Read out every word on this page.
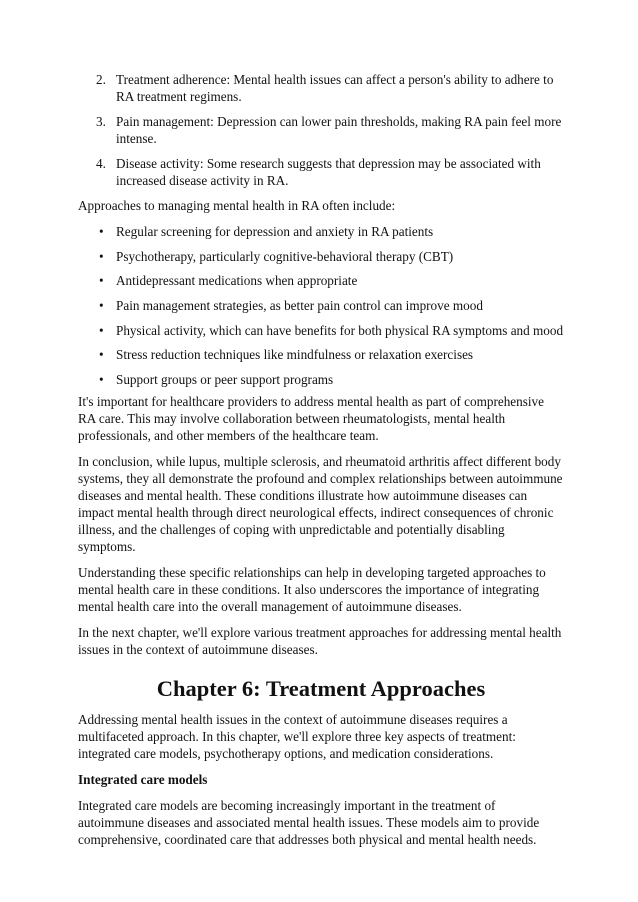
2. Treatment adherence: Mental health issues can affect a person's ability to adhere to RA treatment regimens.
3. Pain management: Depression can lower pain thresholds, making RA pain feel more intense.
4. Disease activity: Some research suggests that depression may be associated with increased disease activity in RA.

Approaches to managing mental health in RA often include:

• Regular screening for depression and anxiety in RA patients
• Psychotherapy, particularly cognitive-behavioral therapy (CBT)
• Antidepressant medications when appropriate
• Pain management strategies, as better pain control can improve mood
• Physical activity, which can have benefits for both physical RA symptoms and mood
• Stress reduction techniques like mindfulness or relaxation exercises
• Support groups or peer support programs

It's important for healthcare providers to address mental health as part of comprehensive RA care. This may involve collaboration between rheumatologists, mental health professionals, and other members of the healthcare team.

In conclusion, while lupus, multiple sclerosis, and rheumatoid arthritis affect different body systems, they all demonstrate the profound and complex relationships between autoimmune diseases and mental health. These conditions illustrate how autoimmune diseases can impact mental health through direct neurological effects, indirect consequences of chronic illness, and the challenges of coping with unpredictable and potentially disabling symptoms.

Understanding these specific relationships can help in developing targeted approaches to mental health care in these conditions. It also underscores the importance of integrating mental health care into the overall management of autoimmune diseases.

In the next chapter, we'll explore various treatment approaches for addressing mental health issues in the context of autoimmune diseases.

Chapter 6: Treatment Approaches

Addressing mental health issues in the context of autoimmune diseases requires a multifaceted approach. In this chapter, we'll explore three key aspects of treatment: integrated care models, psychotherapy options, and medication considerations.

Integrated care models

Integrated care models are becoming increasingly important in the treatment of autoimmune diseases and associated mental health issues. These models aim to provide comprehensive, coordinated care that addresses both physical and mental health needs.
